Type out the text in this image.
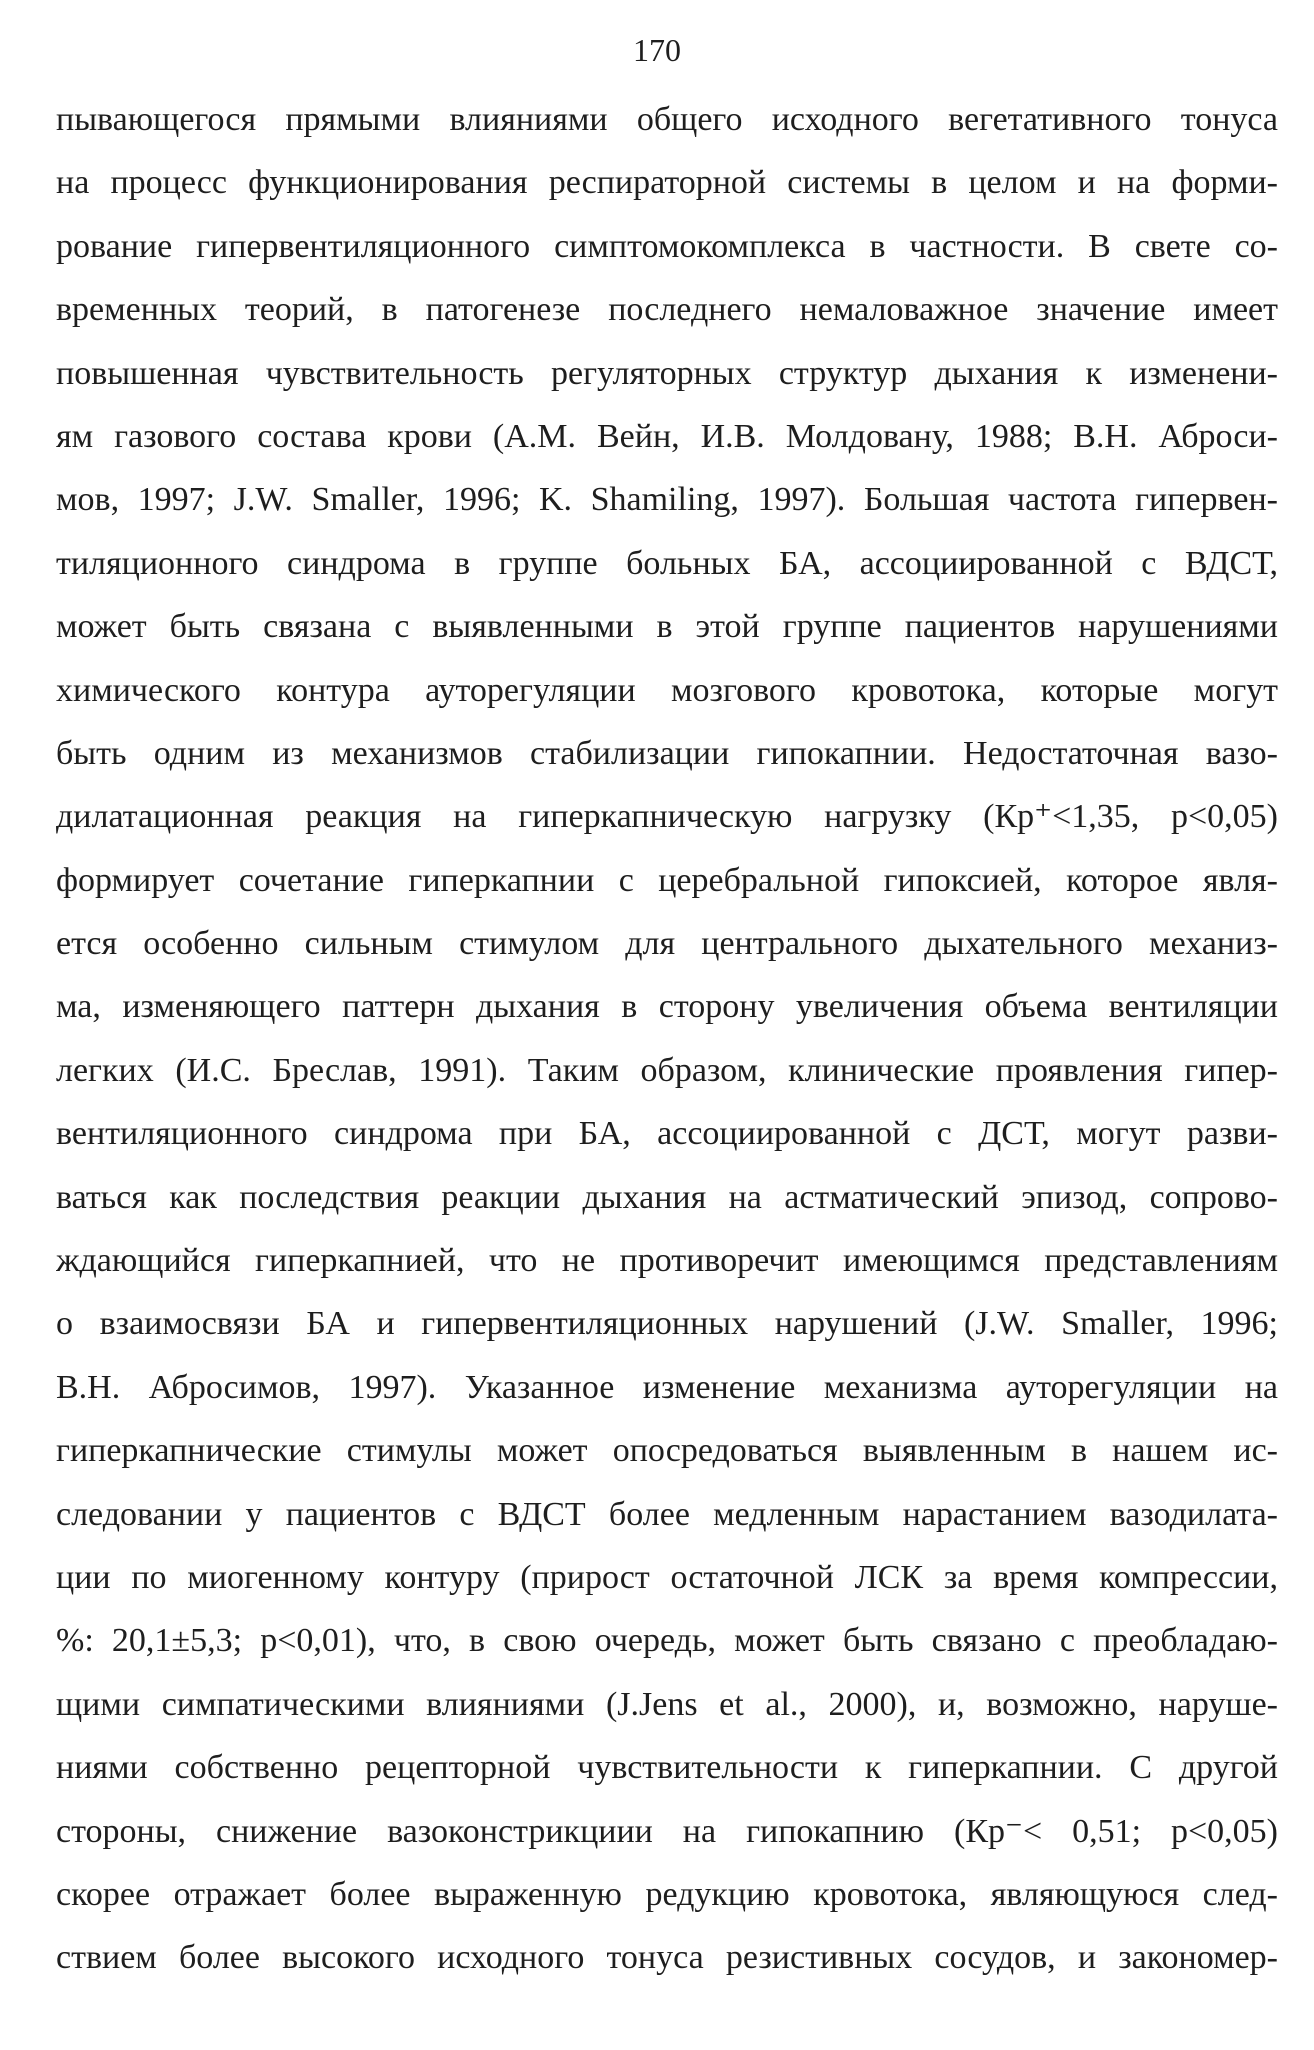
170
пывающегося прямыми влияниями общего исходного вегетативного тонуса
на процесс функционирования респираторной системы в целом и на форми-
рование гипервентиляционного симптомокомплекса в частности. В свете со-
временных теорий, в патогенезе последнего немаловажное значение имеет
повышенная чувствительность регуляторных структур дыхания к изменени-
ям газового состава крови (А.М. Вейн, И.В. Молдовану, 1988; В.Н. Аброси-
мов, 1997; J.W. Smaller, 1996; K. Shamiling, 1997). Большая частота гипервен-
тиляционного синдрома в группе больных БА, ассоциированной с ВДСТ,
может быть связана с выявленными в этой группе пациентов нарушениями
химического контура ауторегуляции мозгового кровотока, которые могут
быть одним из механизмов стабилизации гипокапнии. Недостаточная вазо-
дилатационная реакция на гиперкапническую нагрузку (Кр⁺<1,35, р<0,05)
формирует сочетание гиперкапнии с церебральной гипоксией, которое явля-
ется особенно сильным стимулом для центрального дыхательного механиз-
ма, изменяющего паттерн дыхания в сторону увеличения объема вентиляции
легких (И.С. Бреслав, 1991). Таким образом, клинические проявления гипер-
вентиляционного синдрома при БА, ассоциированной с ДСТ, могут разви-
ваться как последствия реакции дыхания на астматический эпизод, сопрово-
ждающийся гиперкапнией, что не противоречит имеющимся представлениям
о взаимосвязи БА и гипервентиляционных нарушений (J.W. Smaller, 1996;
В.Н. Абросимов, 1997). Указанное изменение механизма ауторегуляции на
гиперкапнические стимулы может опосредоваться выявленным в нашем ис-
следовании у пациентов с ВДСТ более медленным нарастанием вазодилата-
ции по миогенному контуру (прирост остаточной ЛСК за время компрессии,
%: 20,1±5,3; р<0,01), что, в свою очередь, может быть связано с преобладаю-
щими симпатическими влияниями (J.Jens et al., 2000), и, возможно, наруше-
ниями собственно рецепторной чувствительности к гиперкапнии. С другой
стороны, снижение вазоконстрикциии на гипокапнию (Кр⁻< 0,51; р<0,05)
скорее отражает более выраженную редукцию кровотока, являющуюся след-
ствием более высокого исходного тонуса резистивных сосудов, и закономер-
